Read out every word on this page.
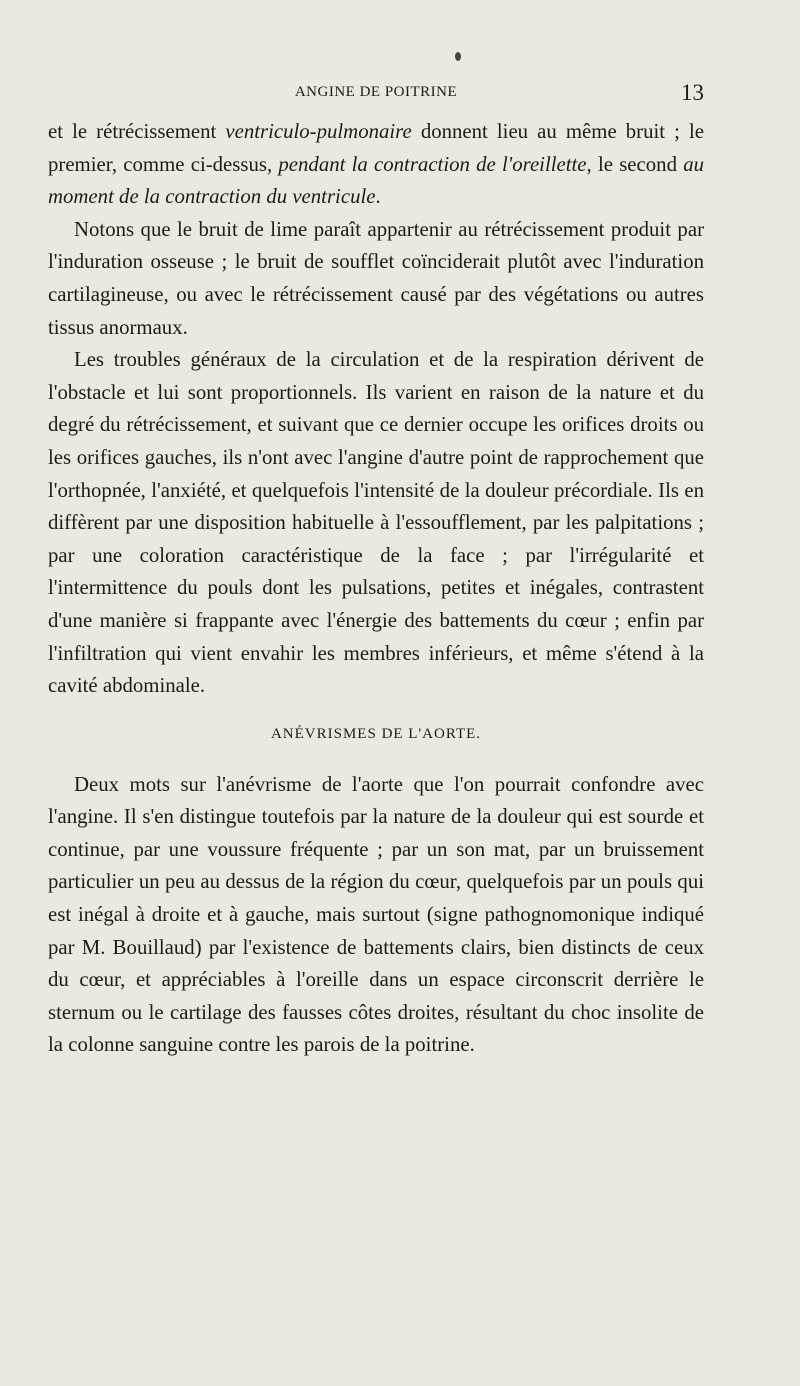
ANGINE DE POITRINE	13

et le rétrécissement ventriculo-pulmonaire donnent lieu au même bruit ; le premier, comme ci-dessus, pendant la contraction de l'oreillette, le second au moment de la contraction du ventricule.

Notons que le bruit de lime paraît appartenir au rétrécissement produit par l'induration osseuse ; le bruit de soufflet coïnciderait plutôt avec l'induration cartilagineuse, ou avec le rétrécissement causé par des végétations ou autres tissus anormaux.

Les troubles généraux de la circulation et de la respiration dérivent de l'obstacle et lui sont proportionnels. Ils varient en raison de la nature et du degré du rétrécissement, et suivant que ce dernier occupe les orifices droits ou les orifices gauches, ils n'ont avec l'angine d'autre point de rapprochement que l'orthopnée, l'anxiété, et quelquefois l'intensité de la douleur précordiale. Ils en diffèrent par une disposition habituelle à l'essoufflement, par les palpitations ; par une coloration caractéristique de la face ; par l'irrégularité et l'intermittence du pouls dont les pulsations, petites et inégales, contrastent d'une manière si frappante avec l'énergie des battements du cœur ; enfin par l'infiltration qui vient envahir les membres inférieurs, et même s'étend à la cavité abdominale.

ANÉVRISMES DE L'AORTE.

Deux mots sur l'anévrisme de l'aorte que l'on pourrait confondre avec l'angine. Il s'en distingue toutefois par la nature de la douleur qui est sourde et continue, par une voussure fréquente ; par un son mat, par un bruissement particulier un peu au dessus de la région du cœur, quelquefois par un pouls qui est inégal à droite et à gauche, mais surtout (signe pathognomonique indiqué par M. Bouillaud) par l'existence de battements clairs, bien distincts de ceux du cœur, et appréciables à l'oreille dans un espace circonscrit derrière le sternum ou le cartilage des fausses côtes droites, résultant du choc insolite de la colonne sanguine contre les parois de la poitrine.
